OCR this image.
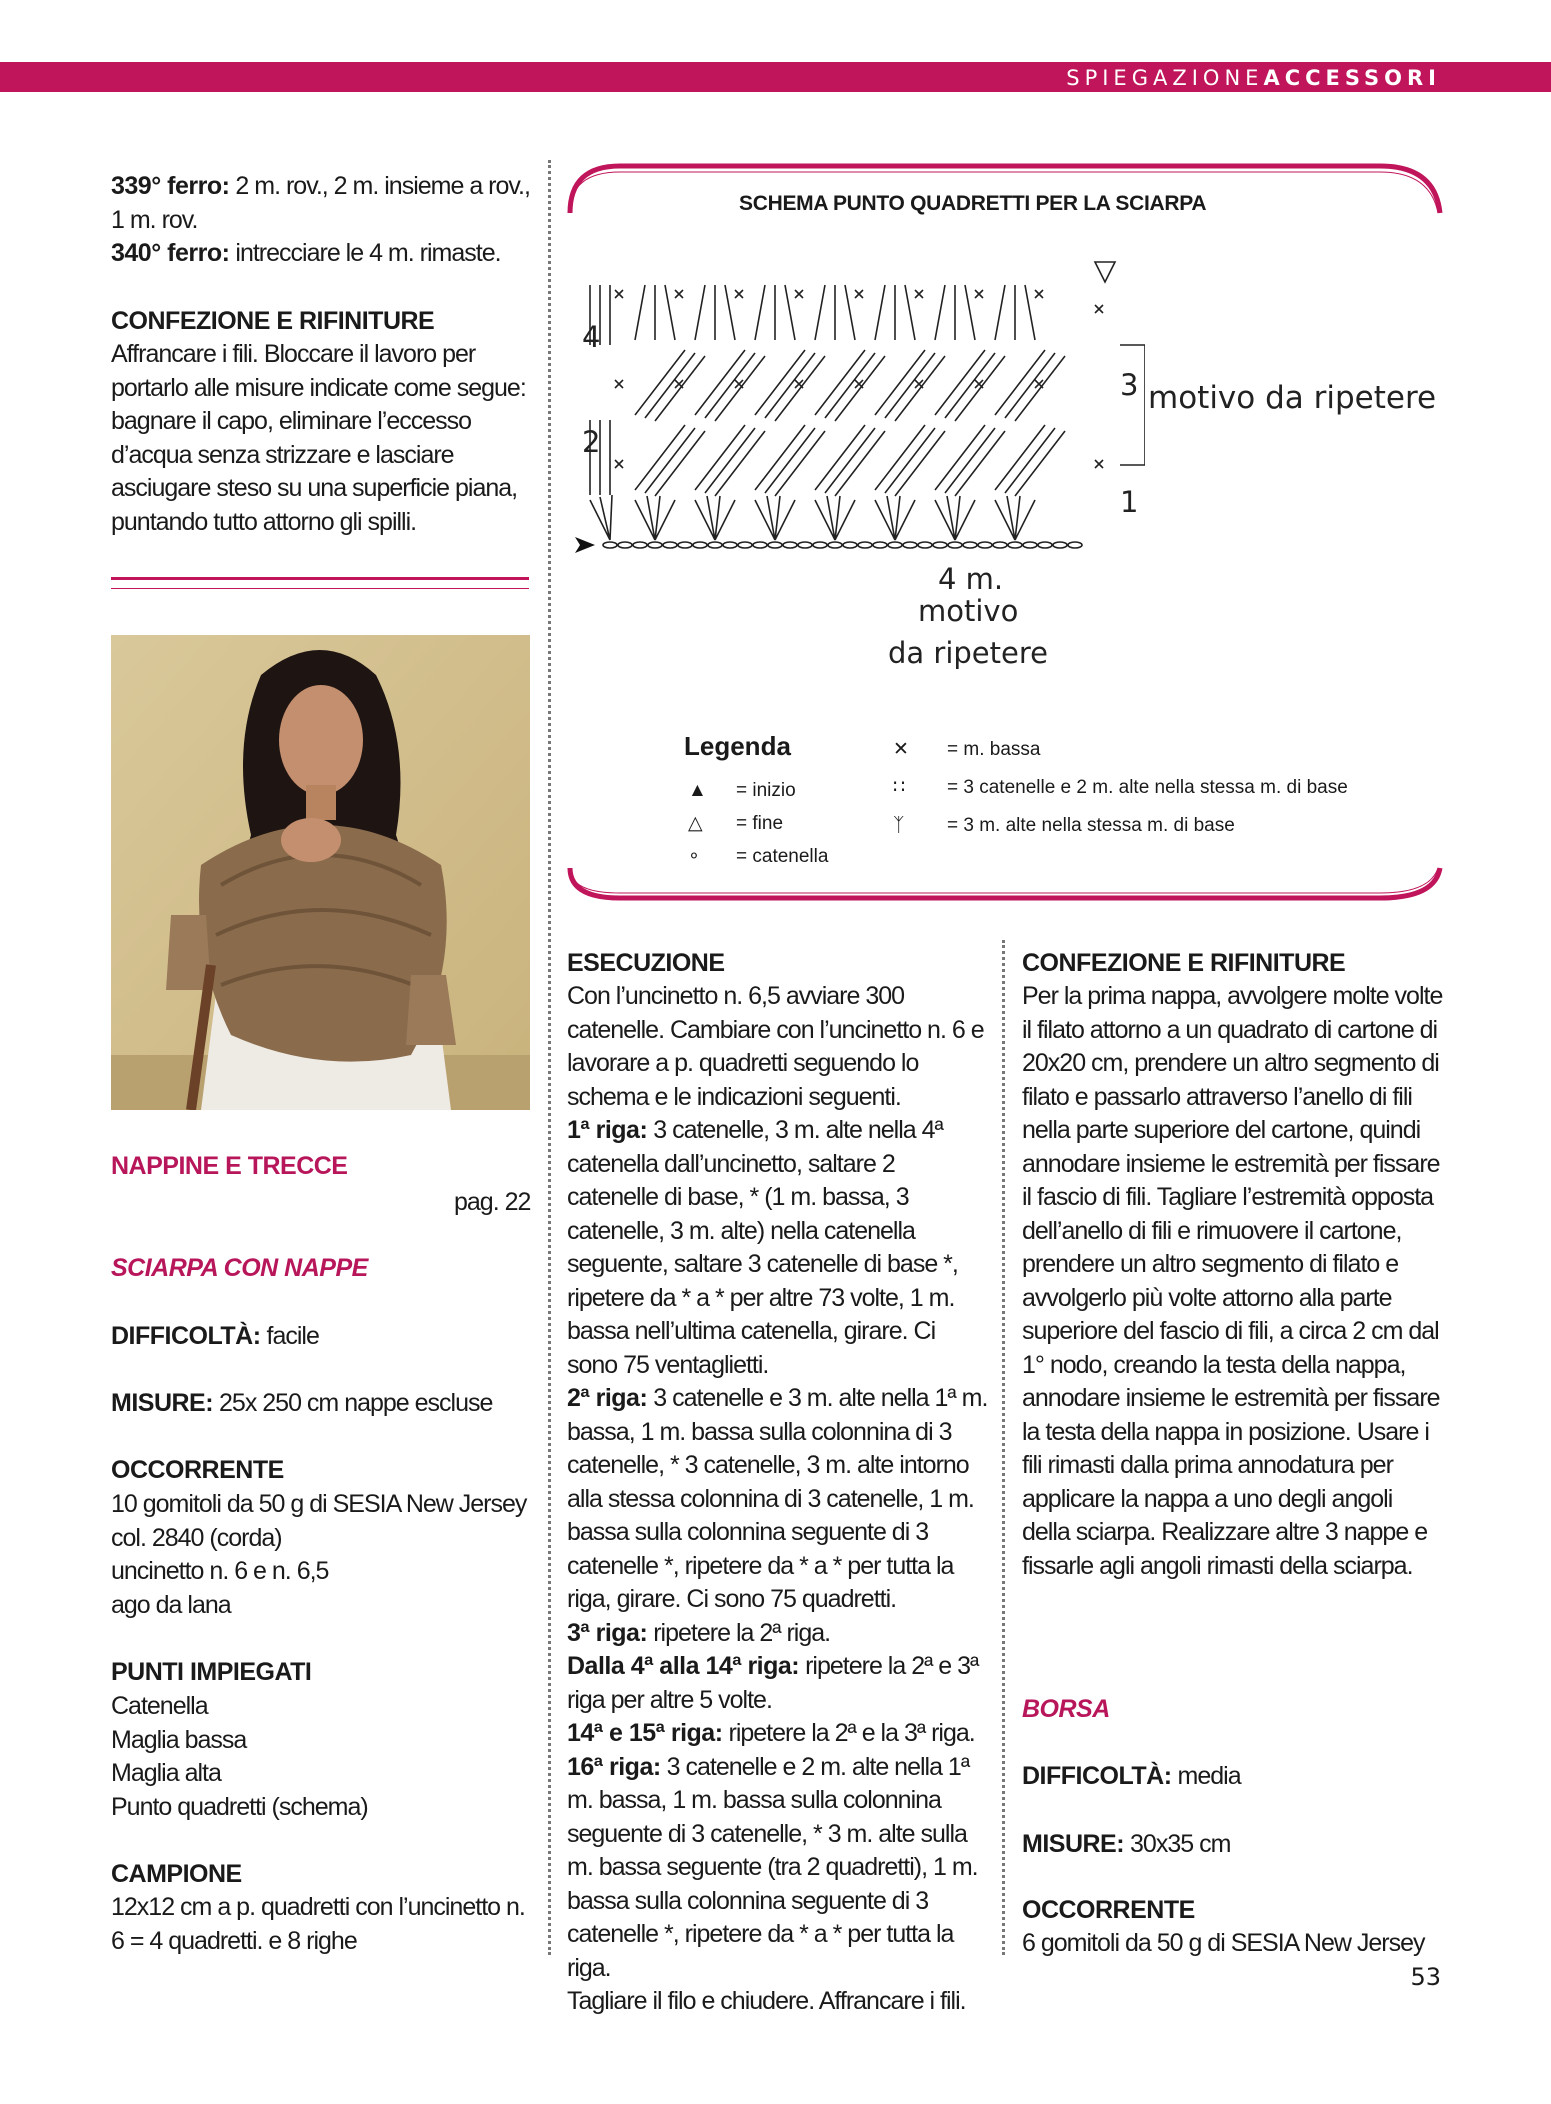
SPIEGAZIONEACCESSORI

339° ferro: 2 m. rov., 2 m. insieme a rov., 1 m. rov.
340° ferro: intrecciare le 4 m. rimaste.

CONFEZIONE E RIFINITURE

Affrancare i fili. Bloccare il lavoro per portarlo alle misure indicate come segue: bagnare il capo, eliminare l’eccesso d’acqua senza strizzare e lasciare asciugare steso su una superficie piana, puntando tutto attorno gli spilli.

NAPPINE E TRECCE

pag. 22

SCIARPA CON NAPPE

DIFFICOLTÀ: facile

MISURE: 25x 250 cm nappe escluse

OCCORRENTE
10 gomitoli da 50 g di SESIA New Jersey
col. 2840 (corda)
uncinetto n. 6 e n. 6,5
ago da lana
PUNTI IMPIEGATI
Catenella
Maglia bassa
Maglia alta
Punto quadretti (schema)
CAMPIONE

12x12 cm a p. quadretti con l’uncinetto n. 6 = 4 quadretti. e 8 righe

SCHEMA PUNTO QUADRETTI PER LA SCIARPA
4
3
2
1
motivo da ripetere
4 m.
motivo
da ripetere
Legenda
▲ = inizio
△ = fine
∘ = catenella
✕ = m. bassa
∷ = 3 catenelle e 2 m. alte nella stessa m. di base
ᛉ = 3 m. alte nella stessa m. di base
ESECUZIONE
Con l’uncinetto n. 6,5 avviare 300 catenelle. Cambiare con l’uncinetto n. 6 e lavorare a p. quadretti seguendo lo schema e le indicazioni seguenti.
1ª riga: 3 catenelle, 3 m. alte nella 4ª catenella dall’uncinetto, saltare 2 catenelle di base, * (1 m. bassa, 3 catenelle, 3 m. alte) nella catenella seguente, saltare 3 catenelle di base *, ripetere da * a * per altre 73 volte, 1 m. bassa nell’ultima catenella, girare. Ci sono 75 ventaglietti.
2ª riga: 3 catenelle e 3 m. alte nella 1ª m. bassa, 1 m. bassa sulla colonnina di 3 catenelle, * 3 catenelle, 3 m. alte intorno alla stessa colonnina di 3 catenelle, 1 m. bassa sulla colonnina seguente di 3 catenelle *, ripetere da * a * per tutta la riga, girare. Ci sono 75 quadretti.
3ª riga: ripetere la 2ª riga.
Dalla 4ª alla 14ª riga: ripetere la 2ª e 3ª riga per altre 5 volte.
14ª e 15ª riga: ripetere la 2ª e la 3ª riga.
16ª riga: 3 catenelle e 2 m. alte nella 1ª m. bassa, 1 m. bassa sulla colonnina seguente di 3 catenelle, * 3 m. alte sulla m. bassa seguente (tra 2 quadretti), 1 m. bassa sulla colonnina seguente di 3 catenelle *, ripetere da * a * per tutta la riga.
Tagliare il filo e chiudere. Affrancare i fili.
CONFEZIONE E RIFINITURE

Per la prima nappa, avvolgere molte volte il filato attorno a un quadrato di cartone di 20x20 cm, prendere un altro segmento di filato e passarlo attraverso l’anello di fili nella parte superiore del cartone, quindi annodare insieme le estremità per fissare il fascio di fili. Tagliare l’estremità opposta dell’anello di fili e rimuovere il cartone, prendere un altro segmento di filato e avvolgerlo più volte attorno alla parte superiore del fascio di fili, a circa 2 cm dal 1° nodo, creando la testa della nappa, annodare insieme le estremità per fissare la testa della nappa in posizione. Usare i fili rimasti dalla prima annodatura per applicare la nappa a uno degli angoli della sciarpa. Realizzare altre 3 nappe e fissarle agli angoli rimasti della sciarpa.

BORSA

DIFFICOLTÀ: media

MISURE: 30x35 cm

OCCORRENTE

6 gomitoli da 50 g di SESIA New Jersey

53
